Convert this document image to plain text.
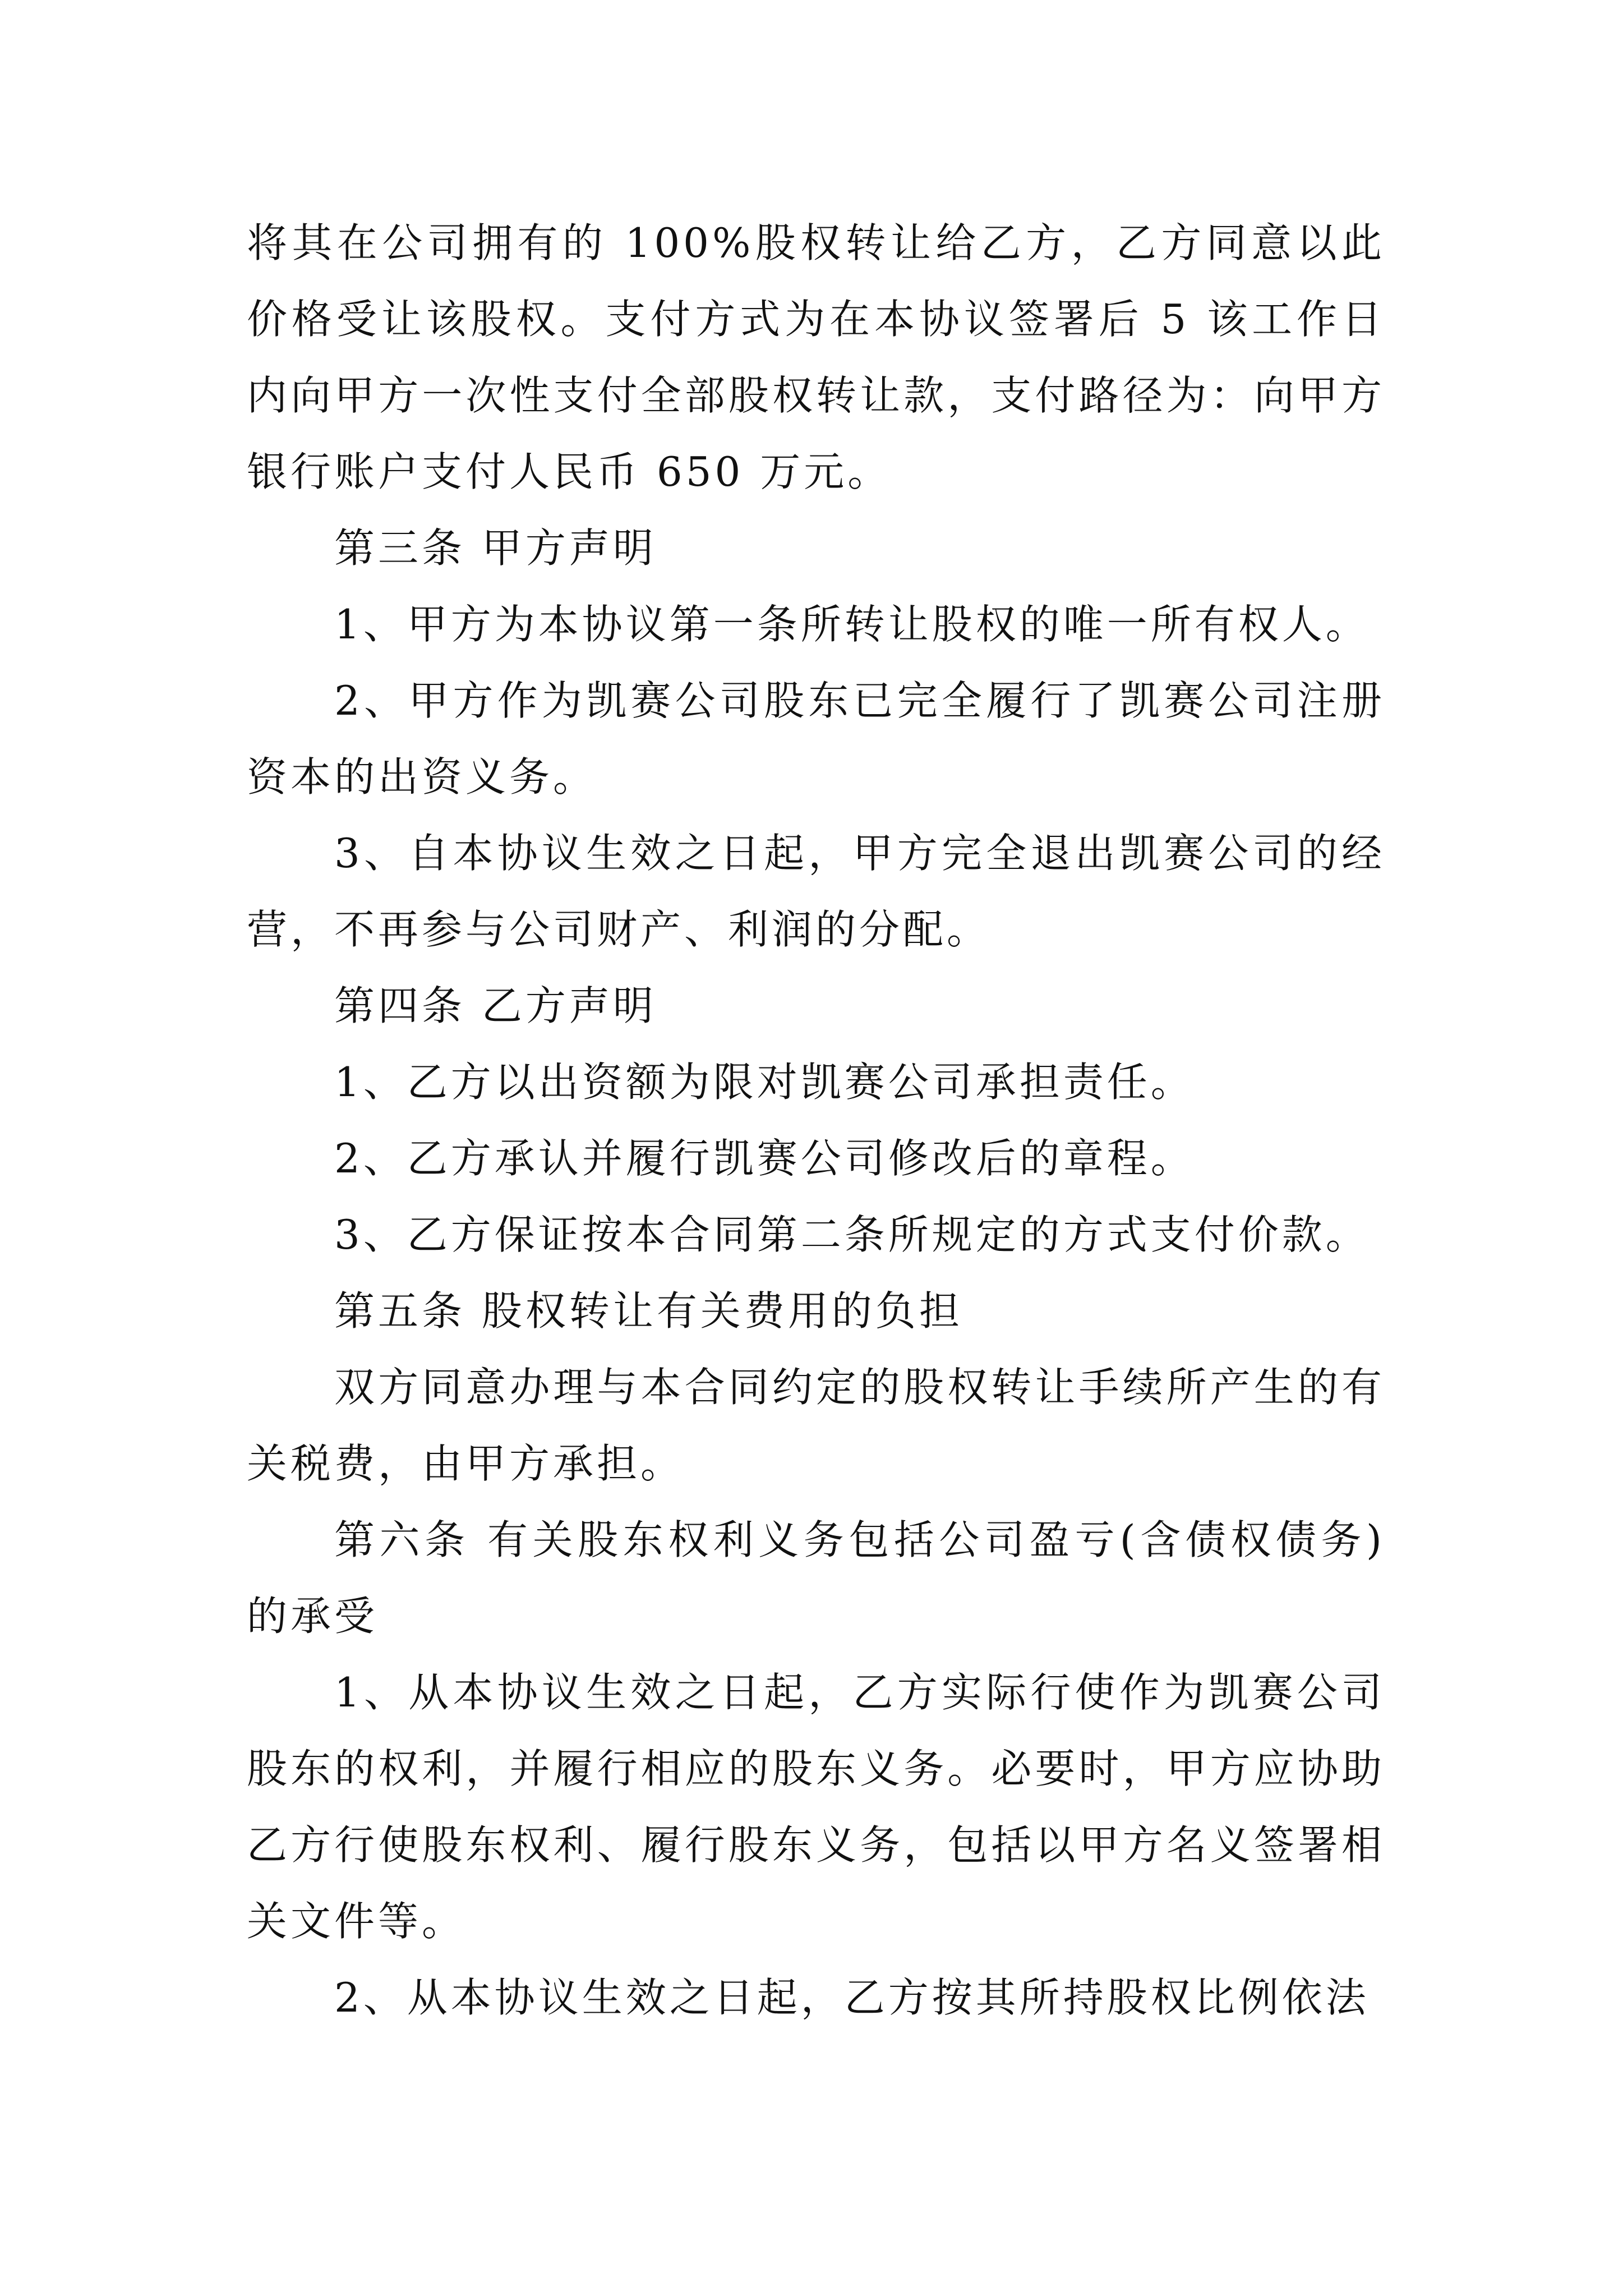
将其在公司拥有的 100%股权转让给乙方，乙方同意以此价格受让该股权。支付方式为在本协议签署后 5 该工作日内向甲方一次性支付全部股权转让款，支付路径为：向甲方银行账户支付人民币 650 万元。

第三条 甲方声明

1、甲方为本协议第一条所转让股权的唯一所有权人。

2、甲方作为凯赛公司股东已完全履行了凯赛公司注册资本的出资义务。

3、自本协议生效之日起，甲方完全退出凯赛公司的经营，不再参与公司财产、利润的分配。

第四条 乙方声明

1、乙方以出资额为限对凯赛公司承担责任。

2、乙方承认并履行凯赛公司修改后的章程。

3、乙方保证按本合同第二条所规定的方式支付价款。

第五条 股权转让有关费用的负担

双方同意办理与本合同约定的股权转让手续所产生的有关税费，由甲方承担。

第六条 有关股东权利义务包括公司盈亏(含债权债务)的承受

1、从本协议生效之日起，乙方实际行使作为凯赛公司股东的权利，并履行相应的股东义务。必要时，甲方应协助乙方行使股东权利、履行股东义务，包括以甲方名义签署相关文件等。

2、从本协议生效之日起，乙方按其所持股权比例依法
